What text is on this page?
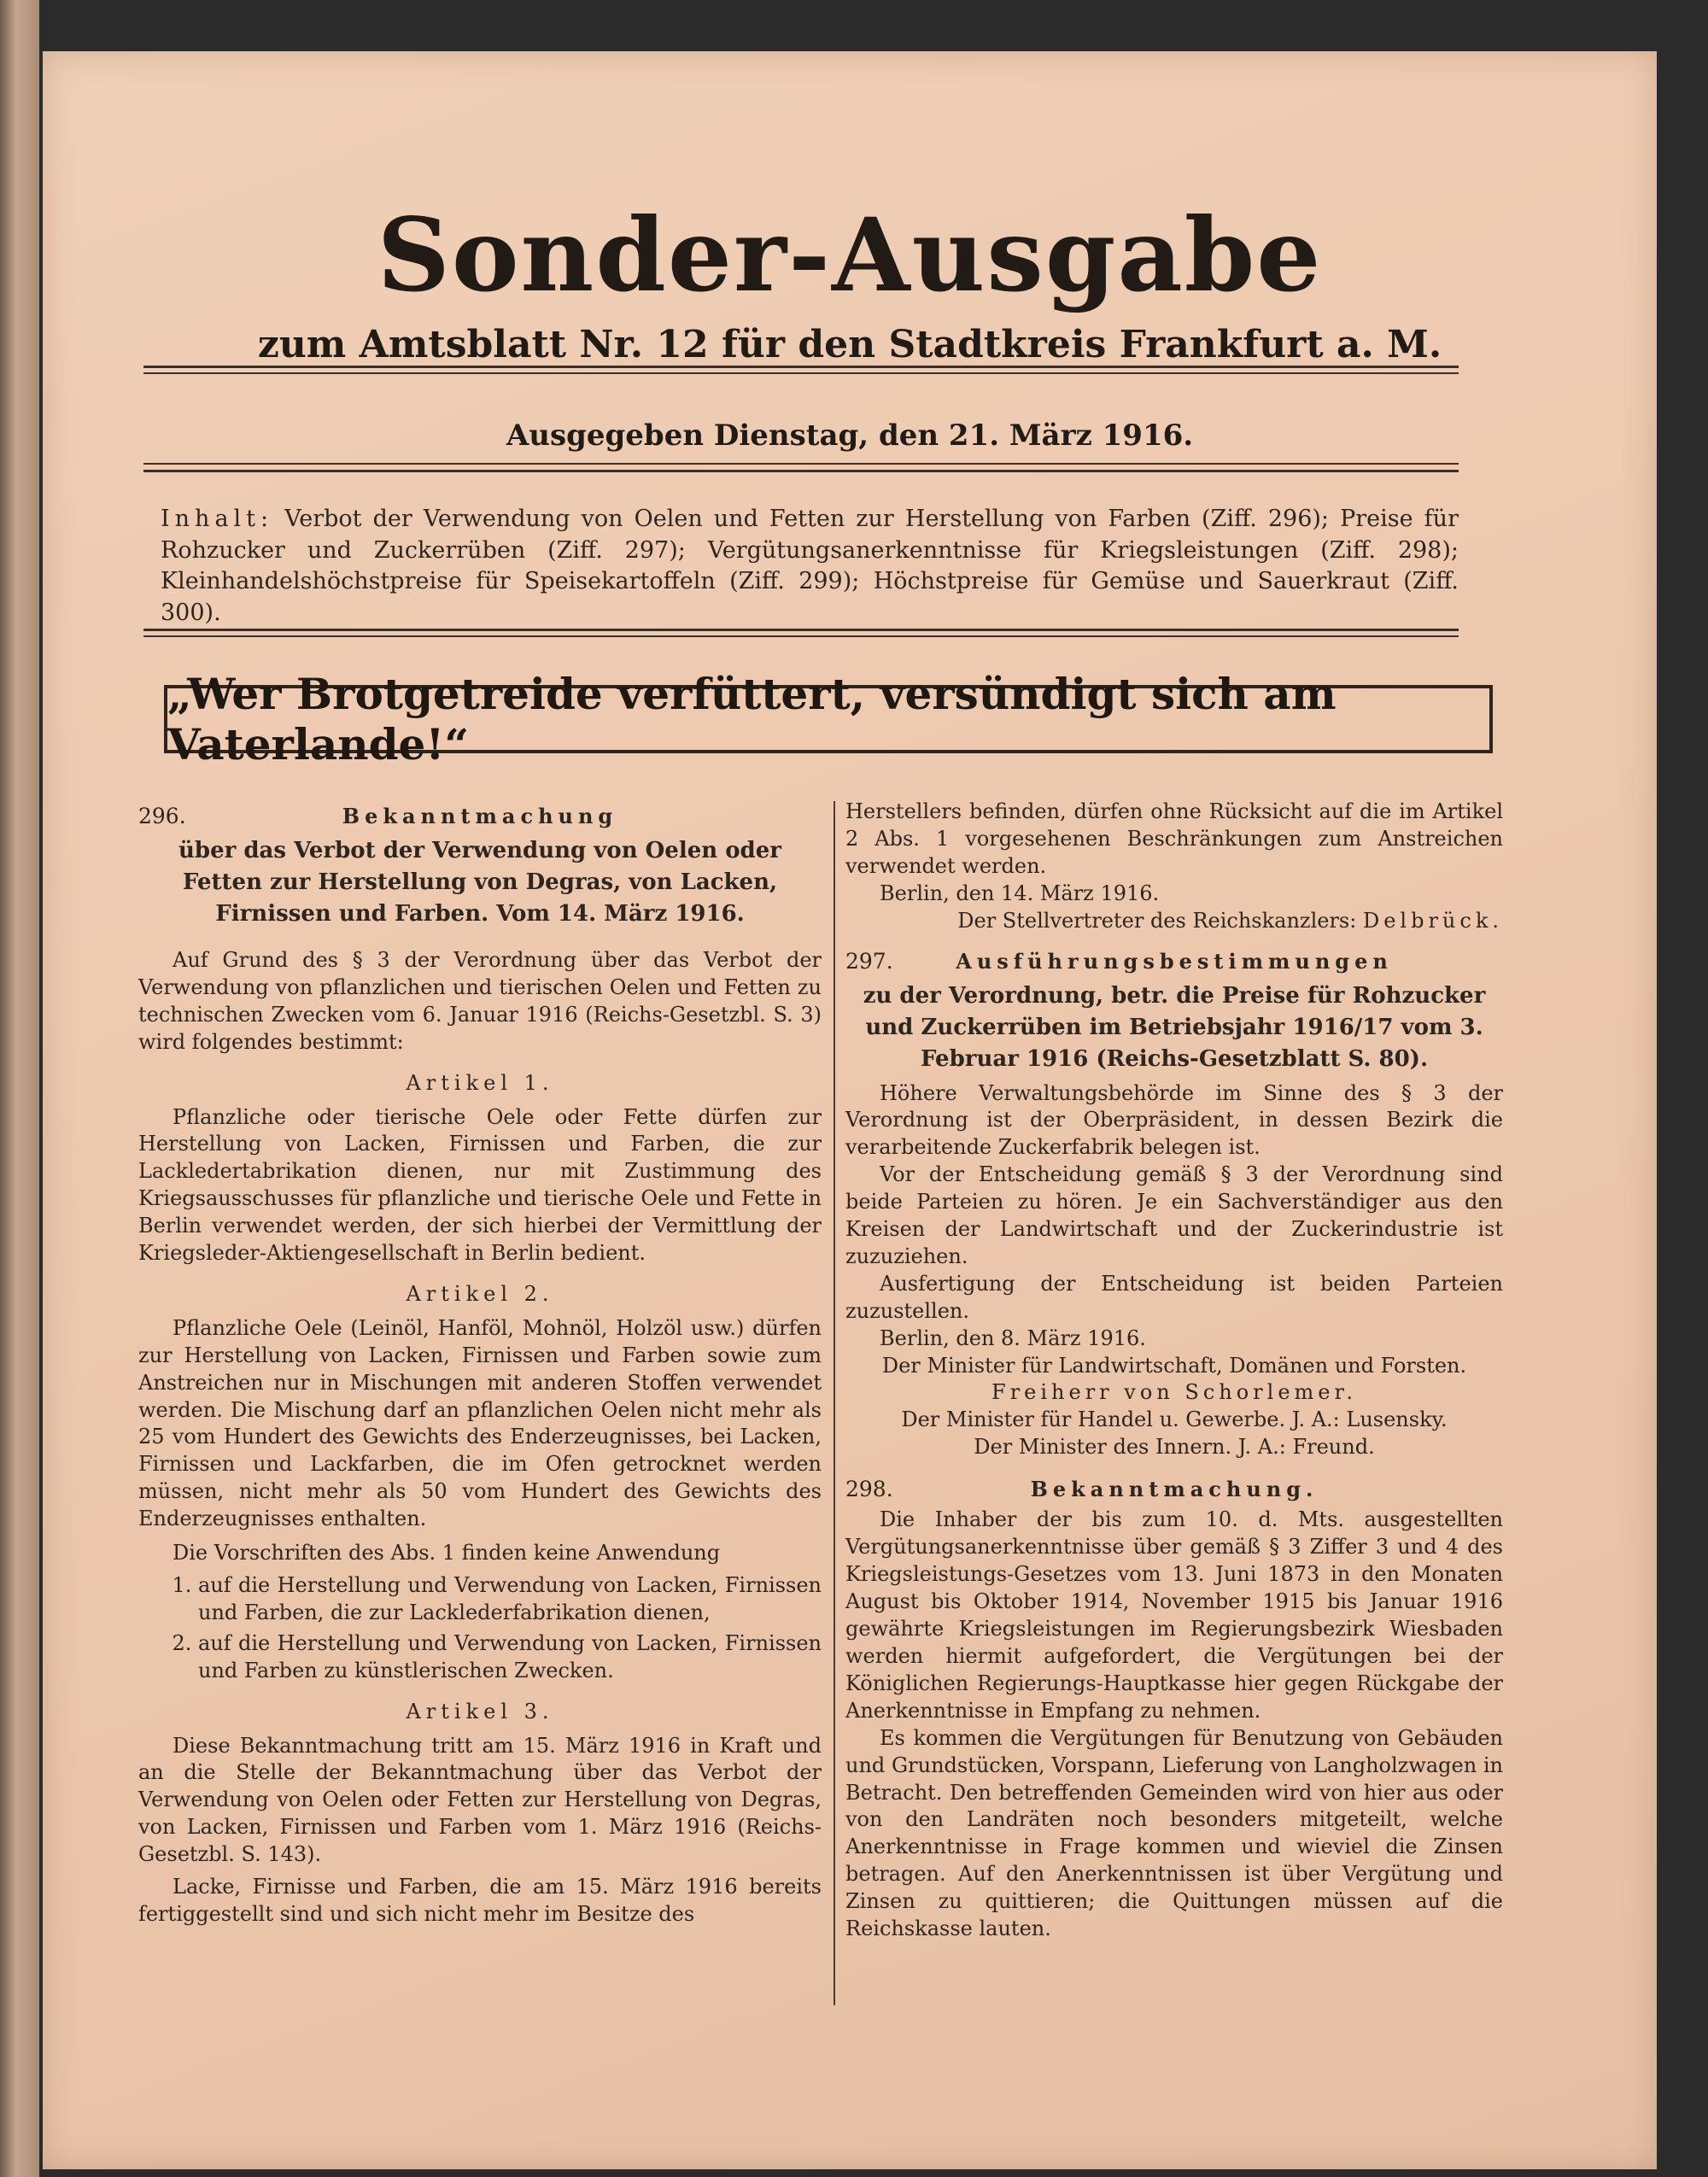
Sonder-Ausgabe
zum Amtsblatt Nr. 12 für den Stadtkreis Frankfurt a. M.
Ausgegeben Dienstag, den 21. März 1916.
Inhalt: Verbot der Verwendung von Oelen und Fetten zur Herstellung von Farben (Ziff. 296); Preise für Rohzucker und Zuckerrüben (Ziff. 297); Vergütungsanerkenntnisse für Kriegsleistungen (Ziff. 298); Kleinhandelshöchstpreise für Speisekartoffeln (Ziff. 299); Höchstpreise für Gemüse und Sauerkraut (Ziff. 300).
„Wer Brotgetreide verfüttert, versündigt sich am Vaterlande!“
296.	Bekanntmachung
über das Verbot der Verwendung von Oelen oder Fetten zur Herstellung von Degras, von Lacken, Firnissen und Farben. Vom 14. März 1916.

Auf Grund des § 3 der Verordnung über das Verbot der Verwendung von pflanzlichen und tierischen Oelen und Fetten zu technischen Zwecken vom 6. Januar 1916 (Reichs-Gesetzbl. S. 3) wird folgendes bestimmt:

Artikel 1.

Pflanzliche oder tierische Oele oder Fette dürfen zur Herstellung von Lacken, Firnissen und Farben, die zur Lackledertabrikation dienen, nur mit Zustimmung des Kriegsausschusses für pflanzliche und tierische Oele und Fette in Berlin verwendet werden, der sich hierbei der Vermittlung der Kriegsleder-Aktiengesellschaft in Berlin bedient.

Artikel 2.

Pflanzliche Oele (Leinöl, Hanföl, Mohnöl, Holzöl usw.) dürfen zur Herstellung von Lacken, Firnissen und Farben sowie zum Anstreichen nur in Mischungen mit anderen Stoffen verwendet werden. Die Mischung darf an pflanzlichen Oelen nicht mehr als 25 vom Hundert des Gewichts des Enderzeugnisses, bei Lacken, Firnissen und Lackfarben, die im Ofen getrocknet werden müssen, nicht mehr als 50 vom Hundert des Gewichts des Enderzeugnisses enthalten.

Die Vorschriften des Abs. 1 finden keine Anwendung

1. auf die Herstellung und Verwendung von Lacken, Firnissen und Farben, die zur Lacklederfabrikation dienen,
2. auf die Herstellung und Verwendung von Lacken, Firnissen und Farben zu künstlerischen Zwecken.
Artikel 3.

Diese Bekanntmachung tritt am 15. März 1916 in Kraft und an die Stelle der Bekanntmachung über das Verbot der Verwendung von Oelen oder Fetten zur Herstellung von Degras, von Lacken, Firnissen und Farben vom 1. März 1916 (Reichs-Gesetzbl. S. 143).

Lacke, Firnisse und Farben, die am 15. März 1916 bereits fertiggestellt sind und sich nicht mehr im Besitze des

Herstellers befinden, dürfen ohne Rücksicht auf die im Artikel 2 Abs. 1 vorgesehenen Beschränkungen zum Anstreichen verwendet werden.

Berlin, den 14. März 1916.

Der Stellvertreter des Reichskanzlers: Delbrück.

297.	Ausführungsbestimmungen
zu der Verordnung, betr. die Preise für Rohzucker und Zuckerrüben im Betriebsjahr 1916/17 vom 3. Februar 1916 (Reichs-Gesetzblatt S. 80).

Höhere Verwaltungsbehörde im Sinne des § 3 der Verordnung ist der Oberpräsident, in dessen Bezirk die verarbeitende Zuckerfabrik belegen ist.

Vor der Entscheidung gemäß § 3 der Verordnung sind beide Parteien zu hören. Je ein Sachverständiger aus den Kreisen der Landwirtschaft und der Zuckerindustrie ist zuzuziehen.

Ausfertigung der Entscheidung ist beiden Parteien zuzustellen.

Berlin, den 8. März 1916.

Der Minister für Landwirtschaft, Domänen und Forsten.

Freiherr von Schorlemer.

Der Minister für Handel u. Gewerbe. J. A.: Lusensky.

Der Minister des Innern. J. A.: Freund.

298.	Bekanntmachung.

Die Inhaber der bis zum 10. d. Mts. ausgestellten Vergütungsanerkenntnisse über gemäß § 3 Ziffer 3 und 4 des Kriegsleistungs-Gesetzes vom 13. Juni 1873 in den Monaten August bis Oktober 1914, November 1915 bis Januar 1916 gewährte Kriegsleistungen im Regierungsbezirk Wiesbaden werden hiermit aufgefordert, die Vergütungen bei der Königlichen Regierungs-Hauptkasse hier gegen Rückgabe der Anerkenntnisse in Empfang zu nehmen.

Es kommen die Vergütungen für Benutzung von Gebäuden und Grundstücken, Vorspann, Lieferung von Langholzwagen in Betracht. Den betreffenden Gemeinden wird von hier aus oder von den Landräten noch besonders mitgeteilt, welche Anerkenntnisse in Frage kommen und wieviel die Zinsen betragen. Auf den Anerkenntnissen ist über Vergütung und Zinsen zu quittieren; die Quittungen müssen auf die Reichskasse lauten.
